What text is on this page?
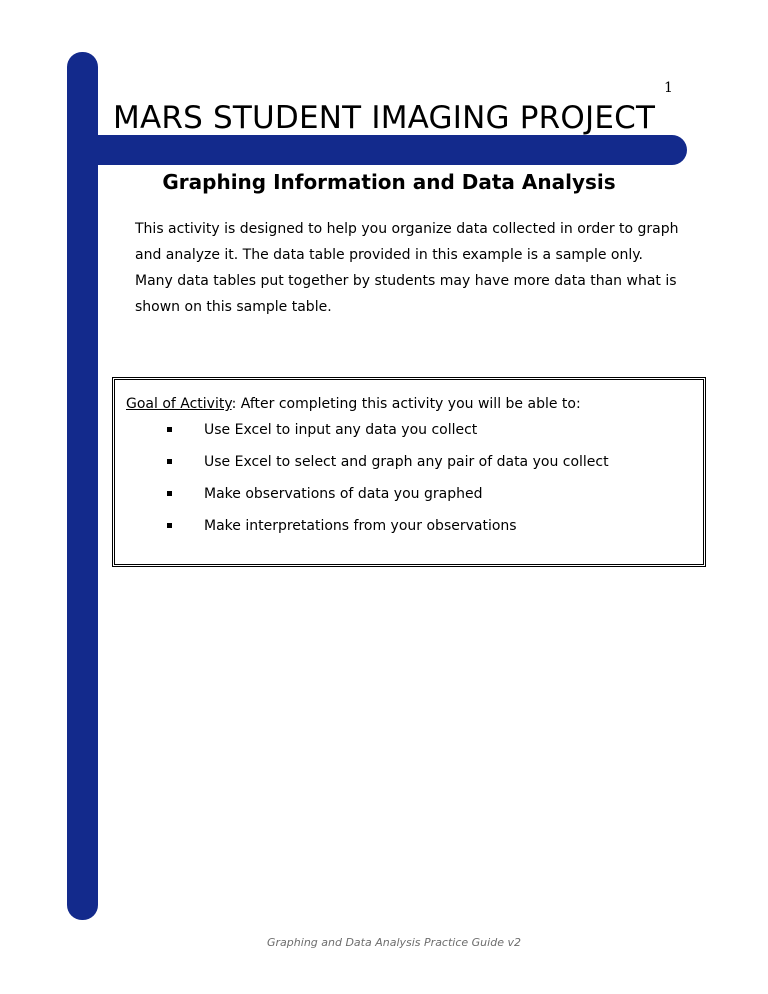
1
MARS STUDENT IMAGING PROJECT
Graphing Information and Data Analysis

This activity is designed to help you organize data collected in order to graph and analyze it. The data table provided in this example is a sample only. Many data tables put together by students may have more data than what is shown on this sample table.

Goal of Activity: After completing this activity you will be able to:

Use Excel to input any data you collect
Use Excel to select and graph any pair of data you collect
Make observations of data you graphed
Make interpretations from your observations
Graphing and Data Analysis Practice Guide v2
